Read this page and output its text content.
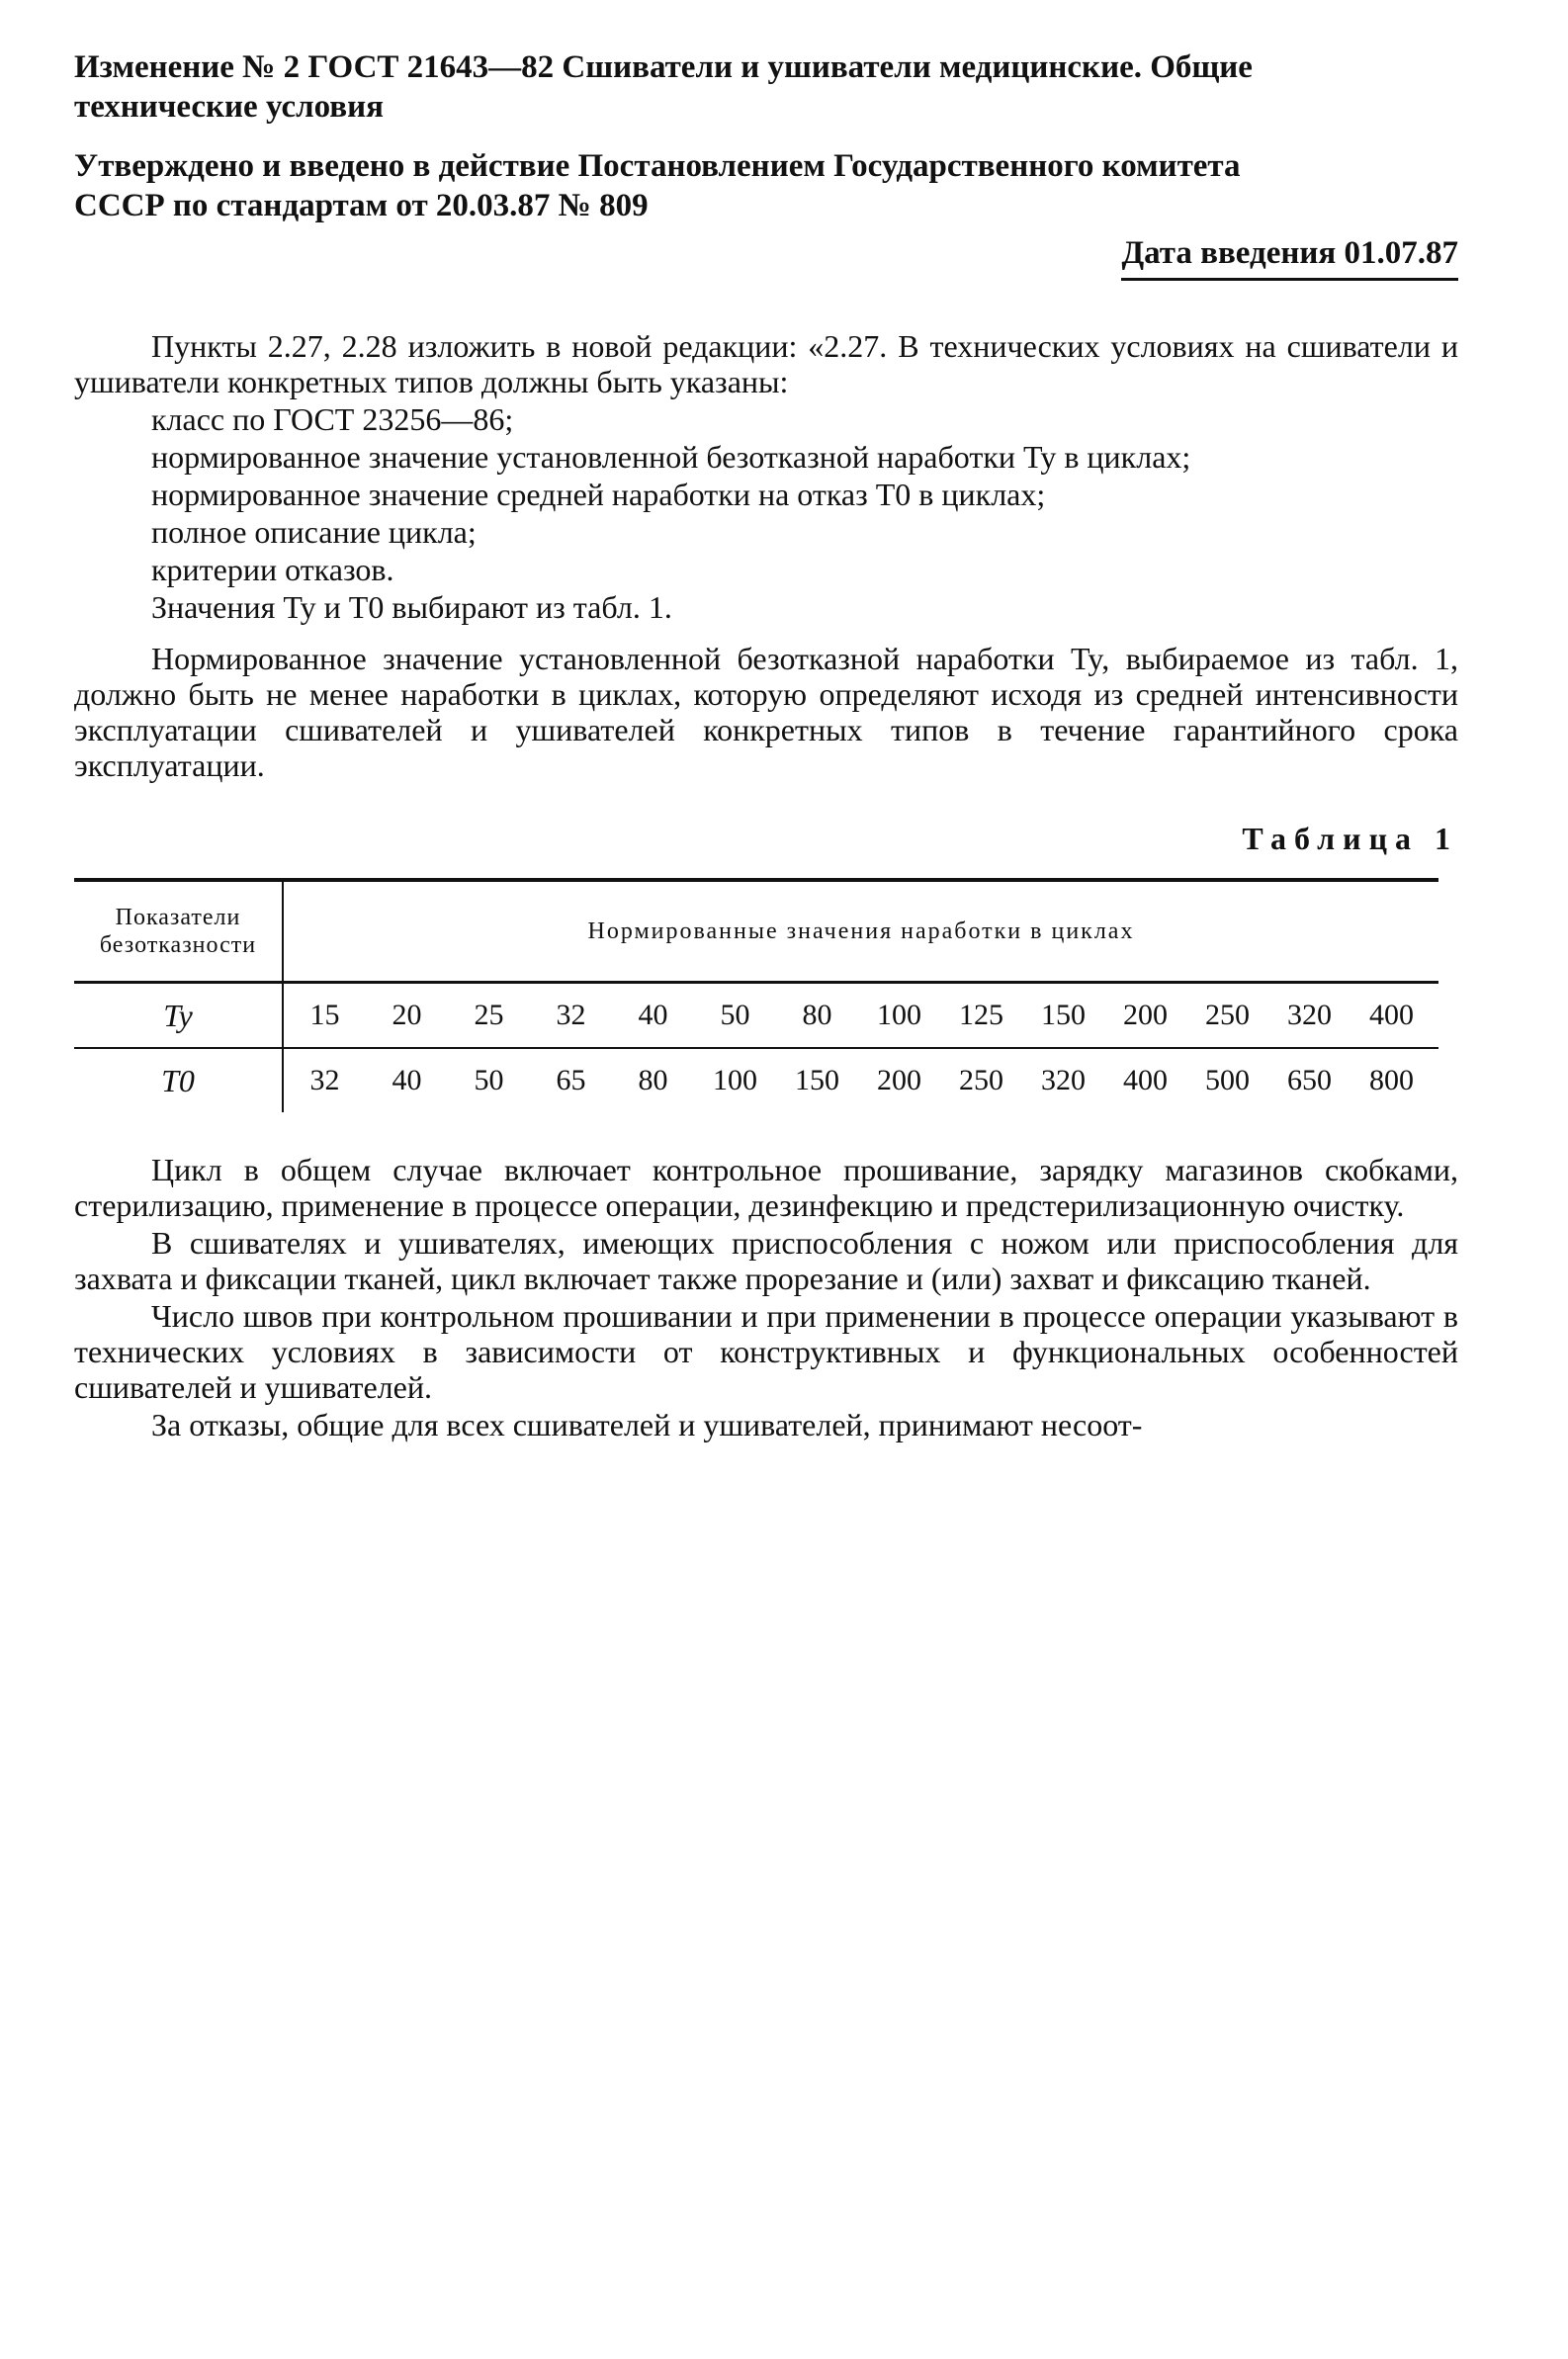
Изменение № 2 ГОСТ 21643—82 Сшиватели и ушиватели медицинские. Общие
технические условия
Утверждено и введено в действие Постановлением Государственного комитета
СССР по стандартам от 20.03.87 № 809
Дата введения 01.07.87
Пункты 2.27, 2.28 изложить в новой редакции: «2.27. В технических условиях на сшиватели и ушиватели конкретных типов должны быть указаны:
класс по ГОСТ 23256—86;
нормированное значение установленной безотказной наработки Ty в циклах;
нормированное значение средней наработки на отказ T0 в циклах;
полное описание цикла;
критерии отказов.
Значения Ty и T0 выбирают из табл. 1.
Нормированное значение установленной безотказной наработки Ty, выбираемое из табл. 1, должно быть не менее наработки в циклах, которую определяют исходя из средней интенсивности эксплуатации сшивателей и ушивателей конкретных типов в течение гарантийного срока эксплуатации.
Таблица 1
Показатели
безотказности	Нормированные значения наработки в циклах
Ty	15 20 25 32 40 50 80 100 125 150 200 250 320 400
T0	32 40 50 65 80 100 150 200 250 320 400 500 650 800
Цикл в общем случае включает контрольное прошивание, зарядку магазинов скобками, стерилизацию, применение в процессе операции, дезинфекцию и предстерилизационную очистку.
В сшивателях и ушивателях, имеющих приспособления с ножом или приспособления для захвата и фиксации тканей, цикл включает также прорезание и (или) захват и фиксацию тканей.
Число швов при контрольном прошивании и при применении в процессе операции указывают в технических условиях в зависимости от конструктивных и функциональных особенностей сшивателей и ушивателей.
За отказы, общие для всех сшивателей и ушивателей, принимают несоот-
